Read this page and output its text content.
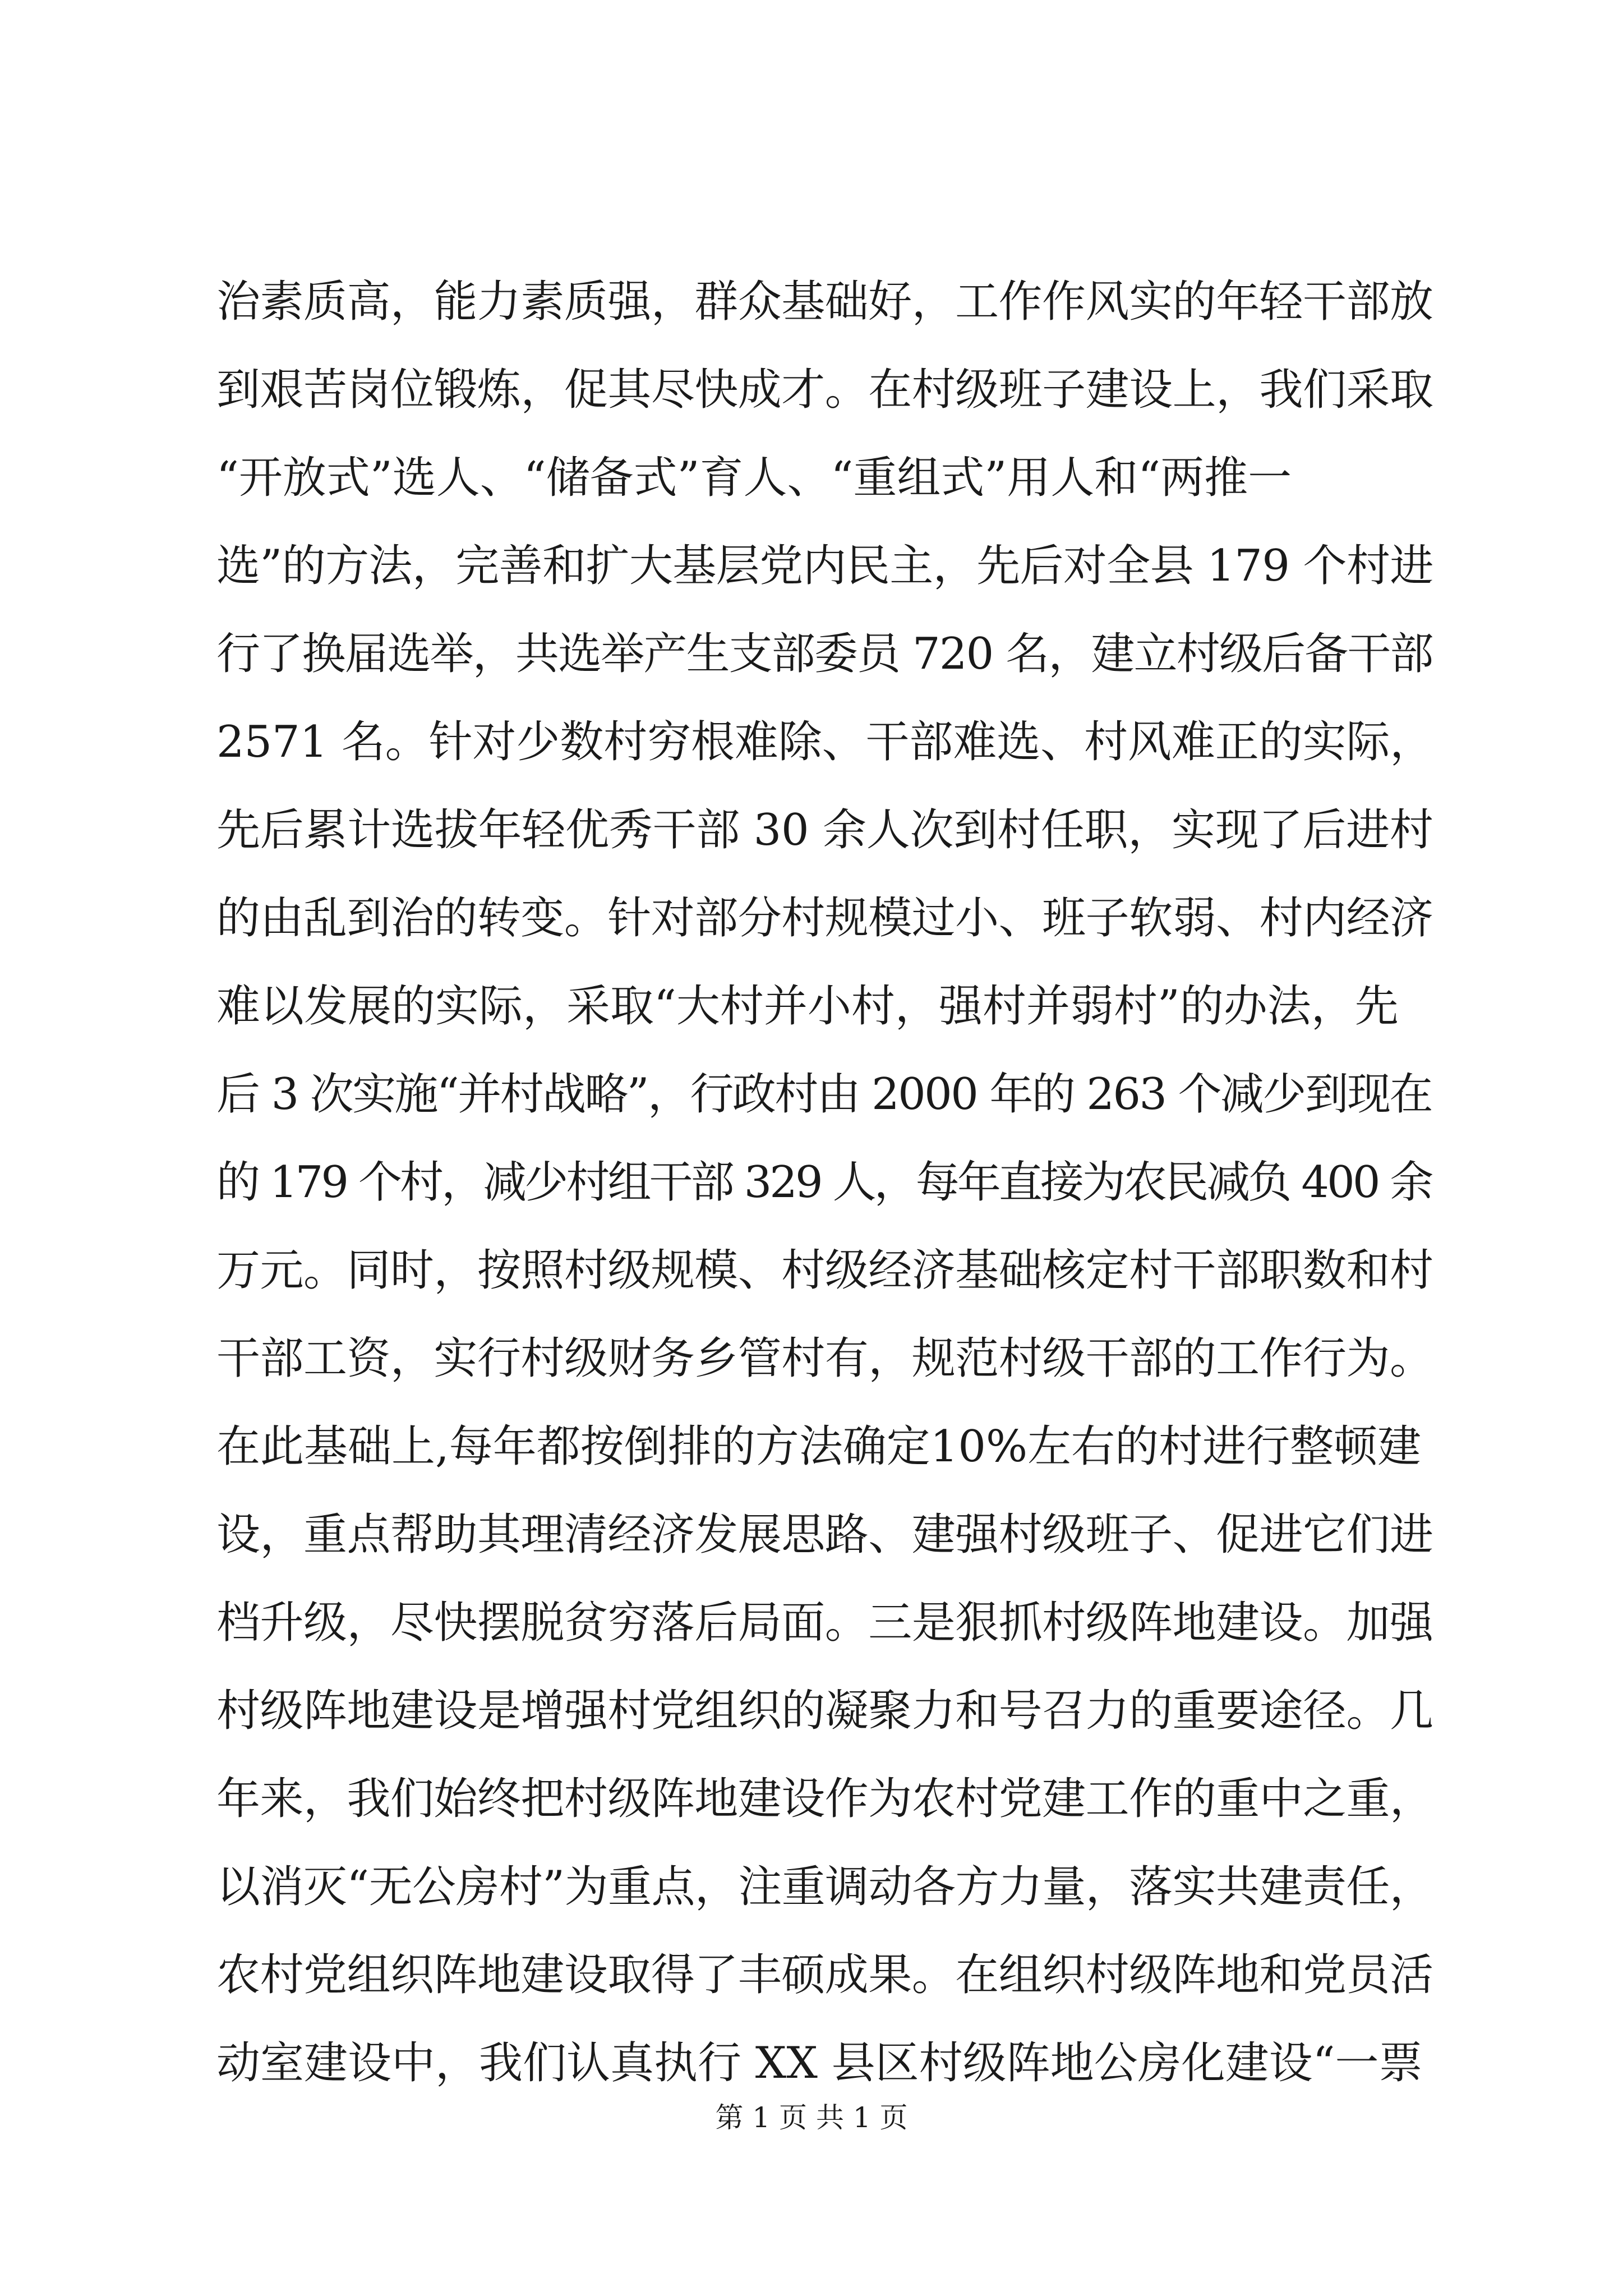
治素质高，能力素质强，群众基础好，工作作风实的年轻干部放
到艰苦岗位锻炼，促其尽快成才。在村级班子建设上，我们采取
“开放式”选人、“储备式”育人、“重组式”用人和“两推一
选”的方法，完善和扩大基层党内民主，先后对全县 179 个村进
行了换届选举，共选举产生支部委员 720 名，建立村级后备干部
2571 名。针对少数村穷根难除、干部难选、村风难正的实际，
先后累计选拔年轻优秀干部 30 余人次到村任职，实现了后进村
的由乱到治的转变。针对部分村规模过小、班子软弱、村内经济
难以发展的实际，采取“大村并小村，强村并弱村”的办法，先
后 3 次实施“并村战略”，行政村由 2000 年的 263 个减少到现在
的 179 个村，减少村组干部 329 人，每年直接为农民减负 400 余
万元。同时，按照村级规模、村级经济基础核定村干部职数和村
干部工资，实行村级财务乡管村有，规范村级干部的工作行为。
在此基础上,每年都按倒排的方法确定10%左右的村进行整顿建
设，重点帮助其理清经济发展思路、建强村级班子、促进它们进
档升级，尽快摆脱贫穷落后局面。三是狠抓村级阵地建设。加强
村级阵地建设是增强村党组织的凝聚力和号召力的重要途径。几
年来，我们始终把村级阵地建设作为农村党建工作的重中之重，
以消灭“无公房村”为重点，注重调动各方力量，落实共建责任，
农村党组织阵地建设取得了丰硕成果。在组织村级阵地和党员活
动室建设中，我们认真执行 XX 县区村级阵地公房化建设“一票
第 1 页 共 1 页
